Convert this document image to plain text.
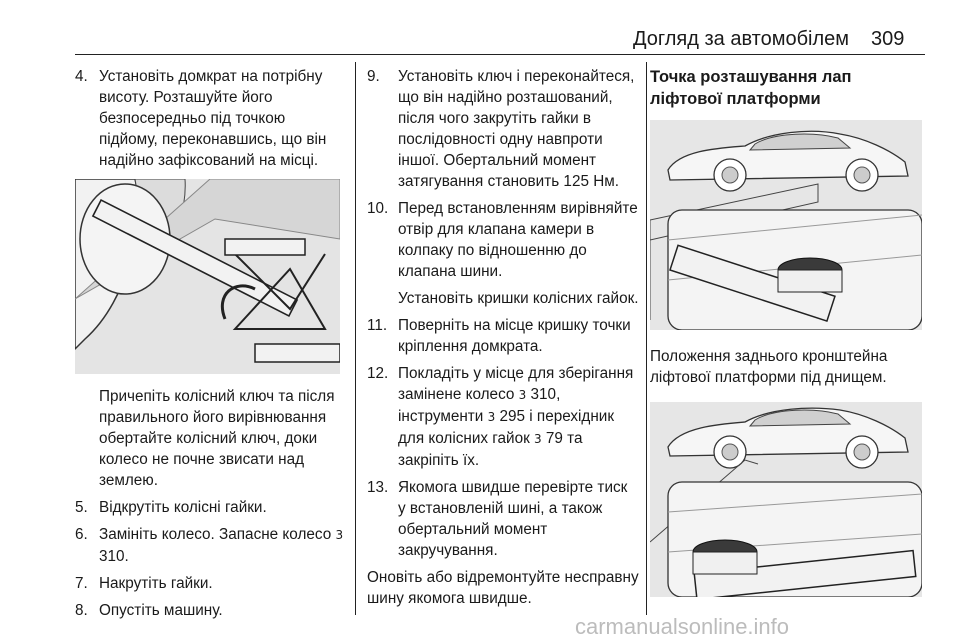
Догляд за автомобілем 309
4. Установіть домкрат на потрібну висоту. Розташуйте його безпосередньо під точкою підйому, переконавшись, що він надійно зафіксований на місці.
Причепіть колісний ключ та після правильного його вирівнювання обертайте колісний ключ, доки колесо не почне звисати над землею.
5. Відкрутіть колісні гайки.
6. Замініть колесо. Запасне колесо 3 310.
7. Накрутіть гайки.
8. Опустіть машину.
9. Установіть ключ і переконайтеся, що він надійно розташований, після чого закрутіть гайки в послідовності одну навпроти іншої. Обертальний момент затягування становить 125 Нм.
10. Перед встановленням вирівняйте отвір для клапана камери в колпаку по відношенню до клапана шини.
Установіть кришки колісних гайок.
11. Поверніть на місце кришку точки кріплення домкрата.
12. Покладіть у місце для зберігання замінене колесо 3 310, інструменти 3 295 і перехідник для колісних гайок 3 79 та закріпіть їх.
13. Якомога швидше перевірте тиск у встановленій шині, а також обертальний момент закручування.
Оновіть або відремонтуйте несправну шину якомога швидше.
Точка розташування лап ліфтової платформи
Положення заднього кронштейна ліфтової платформи під днищем.
carmanualsonline.info
